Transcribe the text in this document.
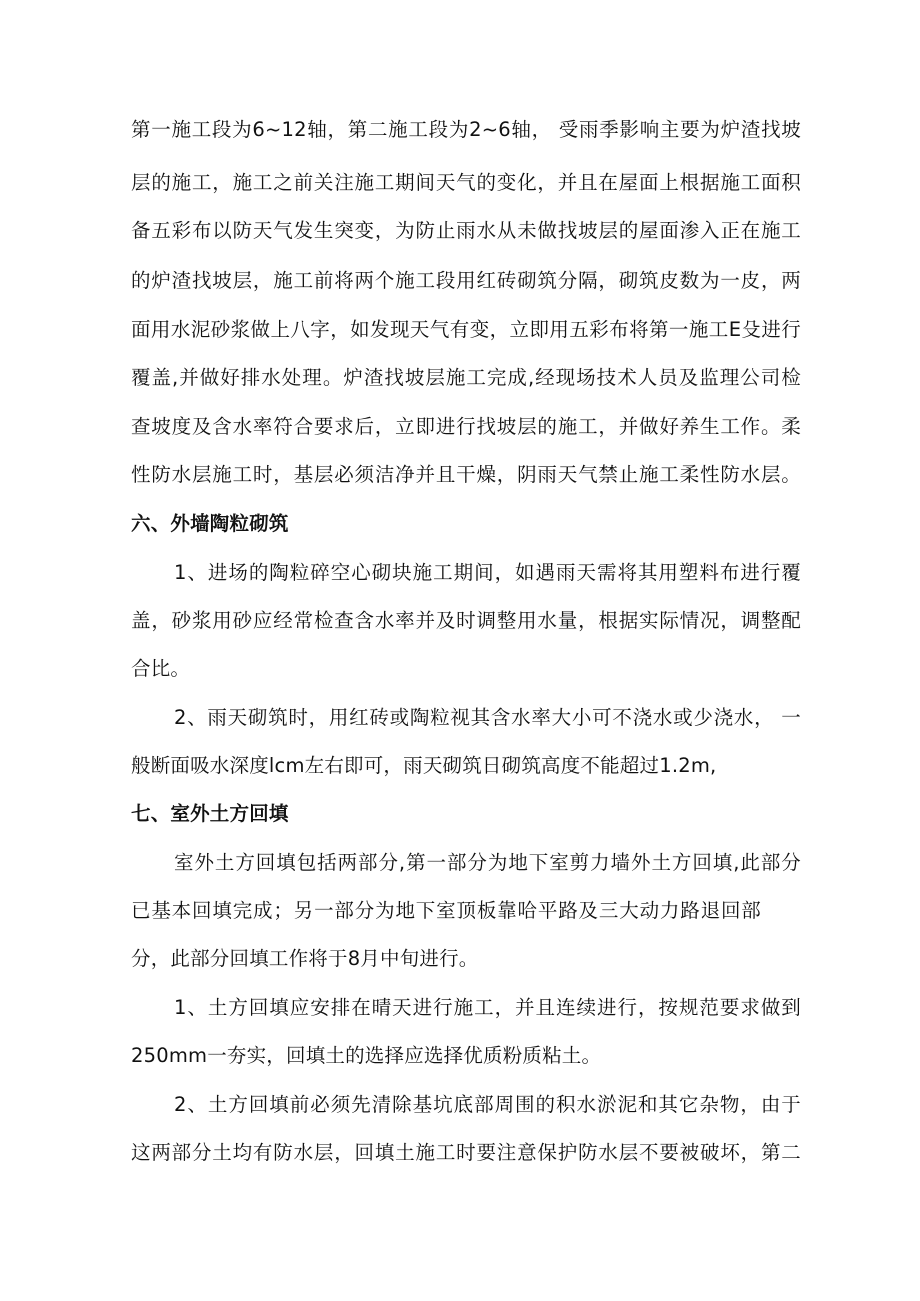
第一施工段为6~12轴，第二施工段为2~6轴， 受雨季影响主要为炉渣找坡
层的施工，施工之前关注施工期间天气的变化，并且在屋面上根据施工面积
备五彩布以防天气发生突变，为防止雨水从未做找坡层的屋面渗入正在施工
的炉渣找坡层，施工前将两个施工段用红砖砌筑分隔，砌筑皮数为一皮，两
面用水泥砂浆做上八字，如发现天气有变，立即用五彩布将第一施工E殳进行
覆盖,并做好排水处理。炉渣找坡层施工完成,经现场技术人员及监理公司检
查坡度及含水率符合要求后，立即进行找坡层的施工，并做好养生工作。柔
性防水层施工时，基层必须洁净并且干燥，阴雨天气禁止施工柔性防水层。
六、外墙陶粒砌筑
1、进场的陶粒碎空心砌块施工期间，如遇雨天需将其用塑料布进行覆
盖，砂浆用砂应经常检查含水率并及时调整用水量，根据实际情况，调整配
合比。
2、雨天砌筑时，用红砖或陶粒视其含水率大小可不浇水或少浇水， 一
般断面吸水深度lcm左右即可，雨天砌筑日砌筑高度不能超过1.2m,
七、室外土方回填
室外土方回填包括两部分,第一部分为地下室剪力墙外土方回填,此部分
已基本回填完成；另一部分为地下室顶板靠哈平路及三大动力路退回部
分，此部分回填工作将于8月中旬进行。
1、土方回填应安排在晴天进行施工，并且连续进行，按规范要求做到
250mm一夯实，回填土的选择应选择优质粉质粘土。
2、土方回填前必须先清除基坑底部周围的积水淤泥和其它杂物，由于
这两部分土均有防水层，回填土施工时要注意保护防水层不要被破坏，第二
